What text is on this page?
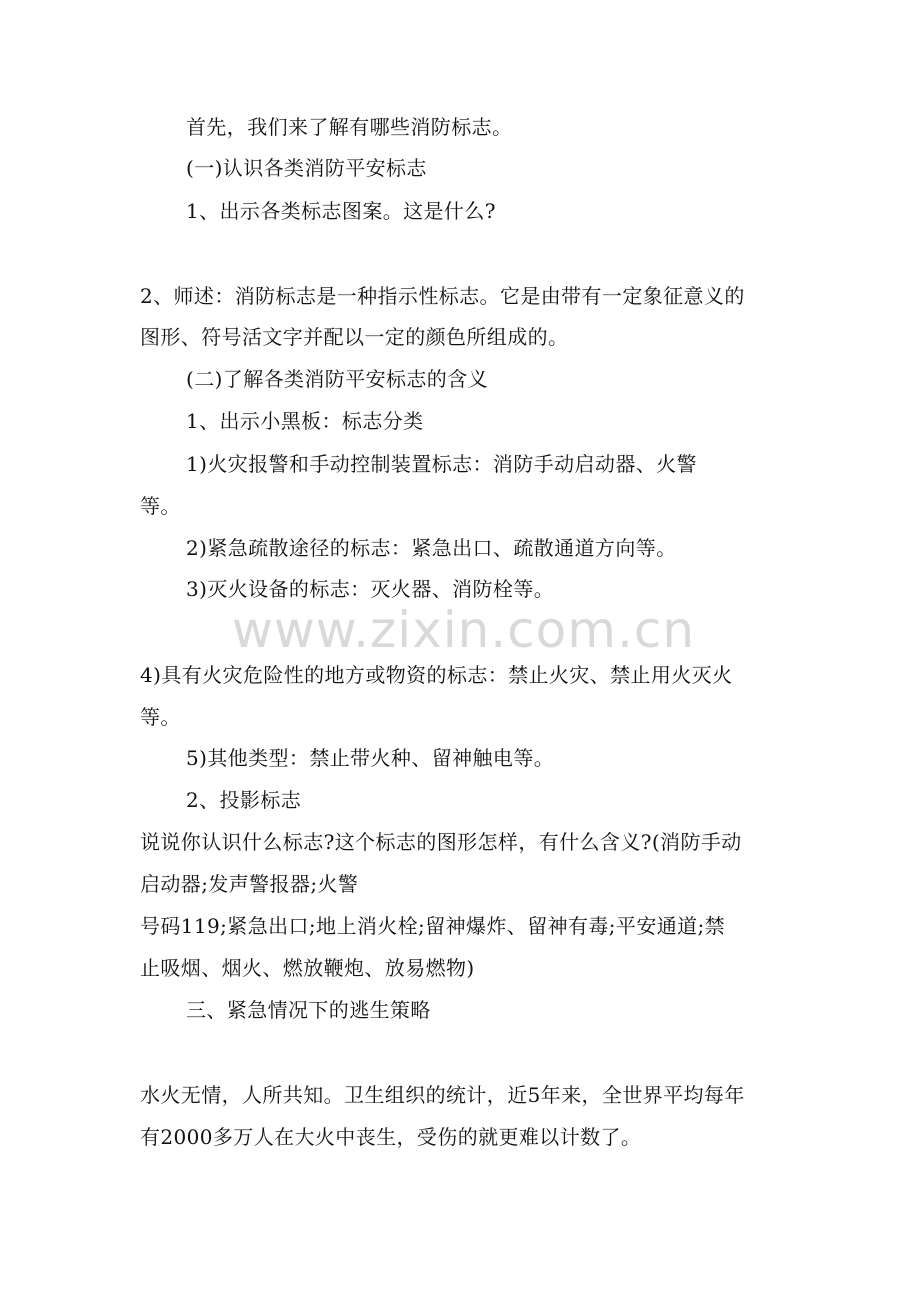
首先，我们来了解有哪些消防标志。
(一)认识各类消防平安标志
1、出示各类标志图案。这是什么?
2、师述：消防标志是一种指示性标志。它是由带有一定象征意义的
图形、符号活文字并配以一定的颜色所组成的。
(二)了解各类消防平安标志的含义
1、出示小黑板：标志分类
1)火灾报警和手动控制装置标志：消防手动启动器、火警
等。
2)紧急疏散途径的标志：紧急出口、疏散通道方向等。
3)灭火设备的标志：灭火器、消防栓等。
4)具有火灾危险性的地方或物资的标志：禁止火灾、禁止用火灭火
等。
5)其他类型：禁止带火种、留神触电等。
2、投影标志
说说你认识什么标志?这个标志的图形怎样，有什么含义?(消防手动
启动器;发声警报器;火警
号码119;紧急出口;地上消火栓;留神爆炸、留神有毒;平安通道;禁
止吸烟、烟火、燃放鞭炮、放易燃物)
三、紧急情况下的逃生策略
水火无情，人所共知。卫生组织的统计，近5年来，全世界平均每年
有2000多万人在大火中丧生，受伤的就更难以计数了。
www.zixin.com.cn
